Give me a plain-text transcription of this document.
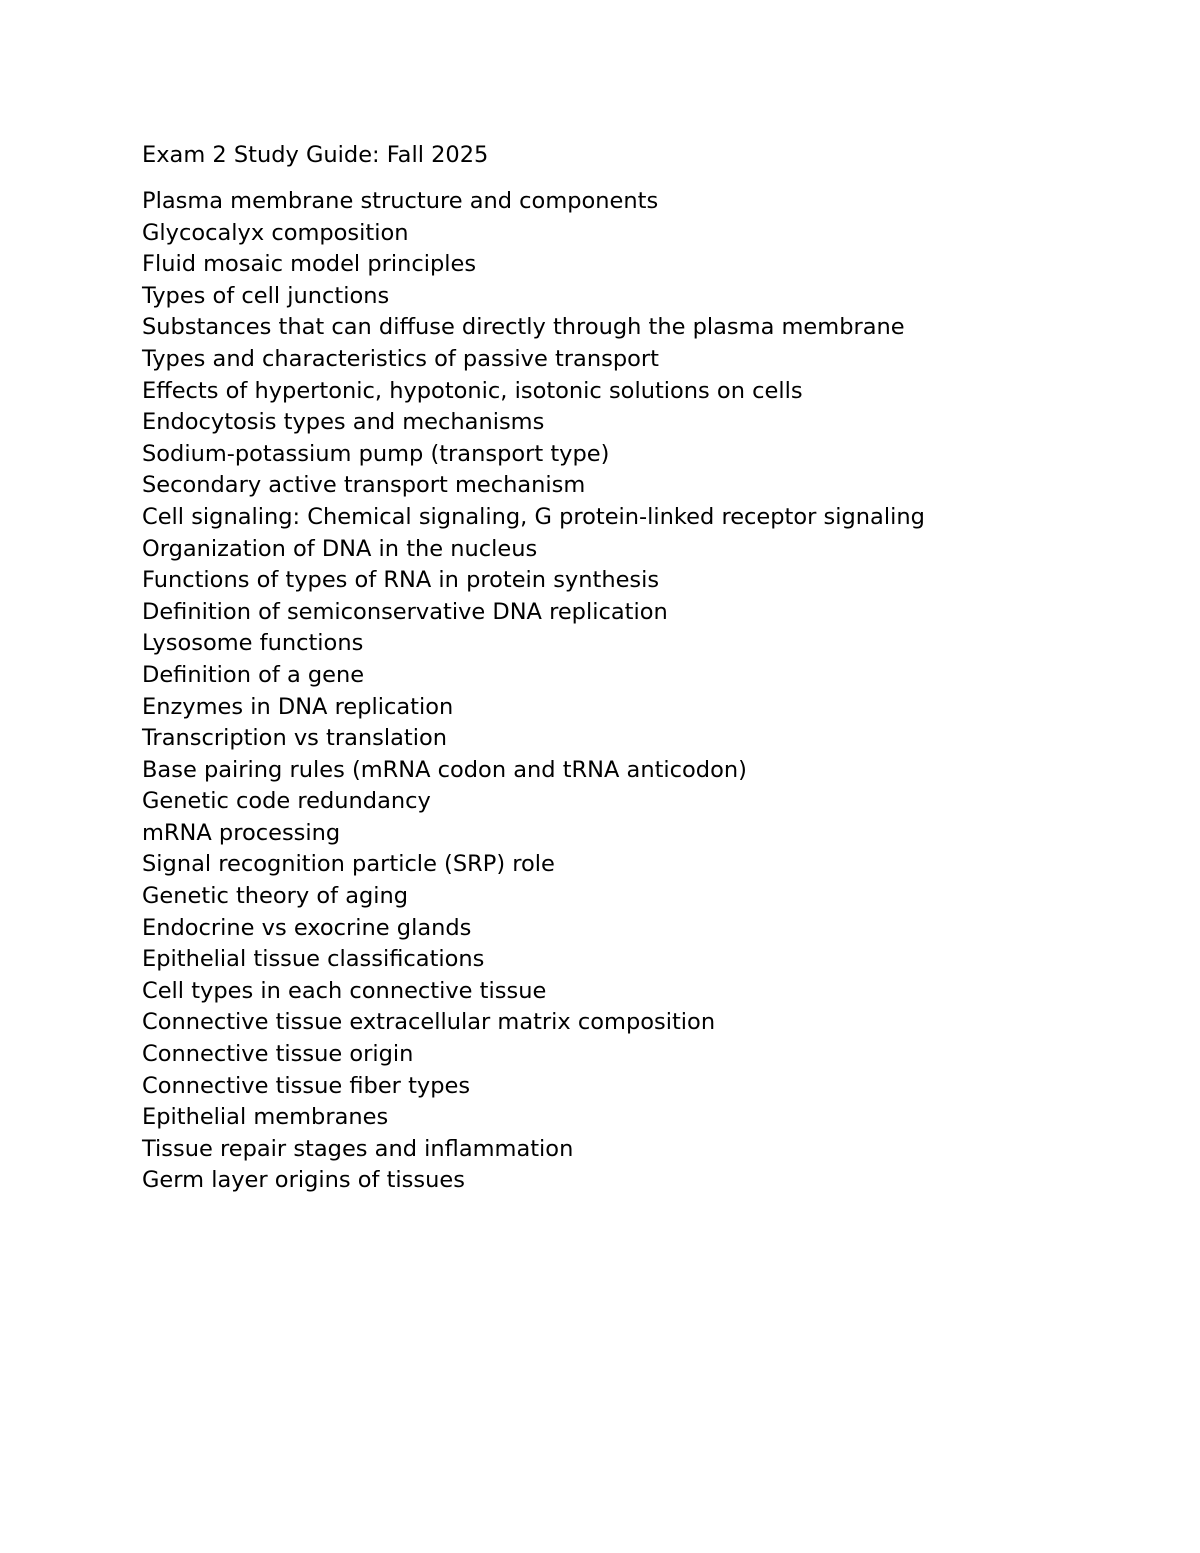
Exam 2 Study Guide: Fall 2025
Plasma membrane structure and components
Glycocalyx composition
Fluid mosaic model principles
Types of cell junctions
Substances that can diffuse directly through the plasma membrane
Types and characteristics of passive transport
Effects of hypertonic, hypotonic, isotonic solutions on cells
Endocytosis types and mechanisms
Sodium-potassium pump (transport type)
Secondary active transport mechanism
Cell signaling: Chemical signaling, G protein-linked receptor signaling
Organization of DNA in the nucleus
Functions of types of RNA in protein synthesis
Definition of semiconservative DNA replication
Lysosome functions
Definition of a gene
Enzymes in DNA replication
Transcription vs translation
Base pairing rules (mRNA codon and tRNA anticodon)
Genetic code redundancy
mRNA processing
Signal recognition particle (SRP) role
Genetic theory of aging
Endocrine vs exocrine glands
Epithelial tissue classifications
Cell types in each connective tissue
Connective tissue extracellular matrix composition
Connective tissue origin
Connective tissue fiber types
Epithelial membranes
Tissue repair stages and inflammation
Germ layer origins of tissues
